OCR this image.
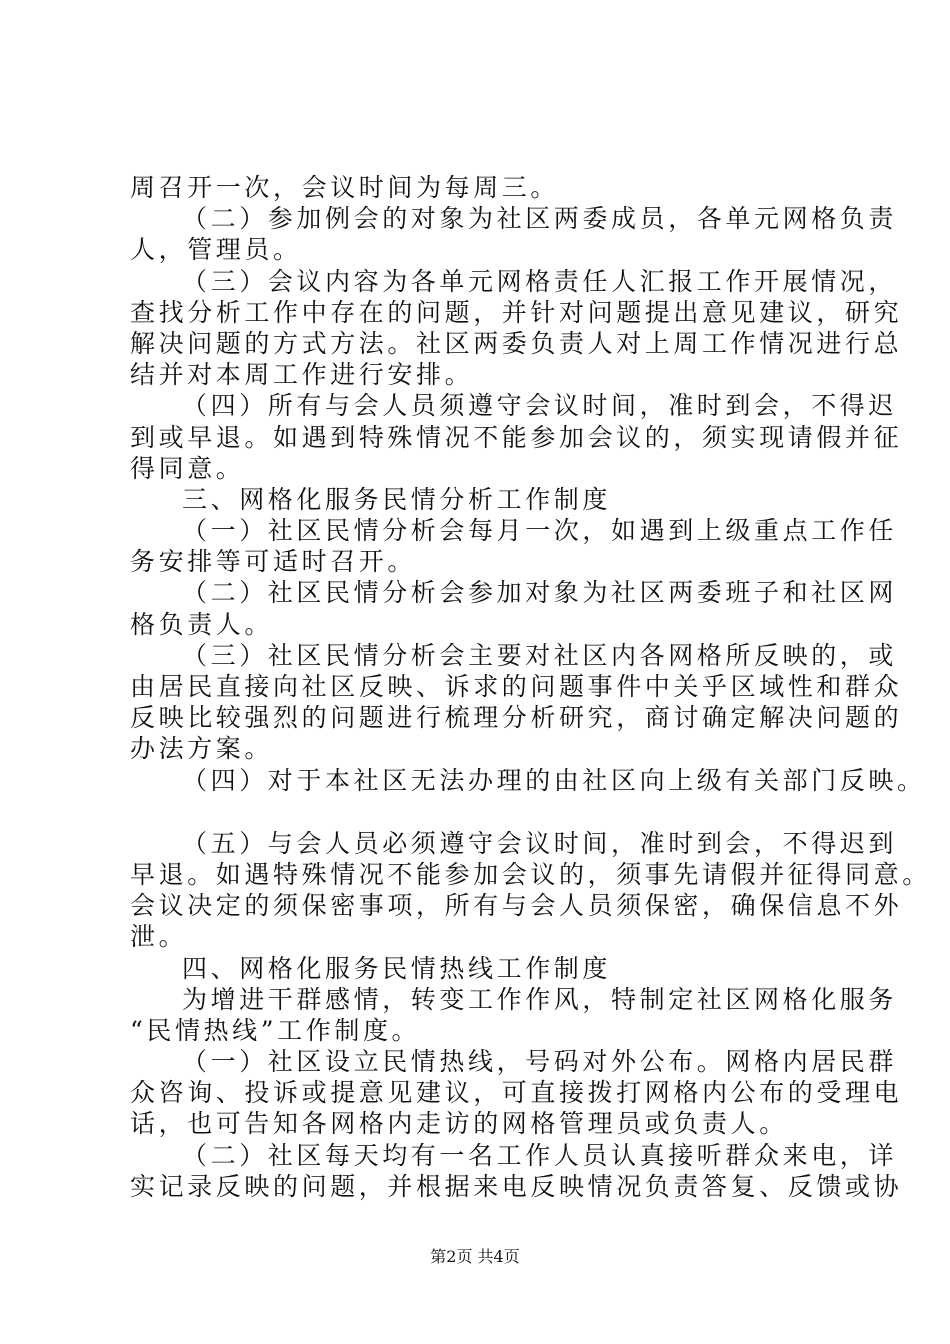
周召开一次，会议时间为每周三。
（二）参加例会的对象为社区两委成员，各单元网格负责
人，管理员。
（三）会议内容为各单元网格责任人汇报工作开展情况，
查找分析工作中存在的问题，并针对问题提出意见建议，研究
解决问题的方式方法。社区两委负责人对上周工作情况进行总
结并对本周工作进行安排。
（四）所有与会人员须遵守会议时间，准时到会，不得迟
到或早退。如遇到特殊情况不能参加会议的，须实现请假并征
得同意。
三、网格化服务民情分析工作制度
（一）社区民情分析会每月一次，如遇到上级重点工作任
务安排等可适时召开。
（二）社区民情分析会参加对象为社区两委班子和社区网
格负责人。
（三）社区民情分析会主要对社区内各网格所反映的，或
由居民直接向社区反映、诉求的问题事件中关乎区域性和群众
反映比较强烈的问题进行梳理分析研究，商讨确定解决问题的
办法方案。
（四）对于本社区无法办理的由社区向上级有关部门反映。
（五）与会人员必须遵守会议时间，准时到会，不得迟到
早退。如遇特殊情况不能参加会议的，须事先请假并征得同意。
会议决定的须保密事项，所有与会人员须保密，确保信息不外
泄。
四、网格化服务民情热线工作制度
为增进干群感情，转变工作作风，特制定社区网格化服务
“民情热线”工作制度。
（一）社区设立民情热线，号码对外公布。网格内居民群
众咨询、投诉或提意见建议，可直接拨打网格内公布的受理电
话，也可告知各网格内走访的网格管理员或负责人。
（二）社区每天均有一名工作人员认真接听群众来电，详
实记录反映的问题，并根据来电反映情况负责答复、反馈或协
第2页 共4页
